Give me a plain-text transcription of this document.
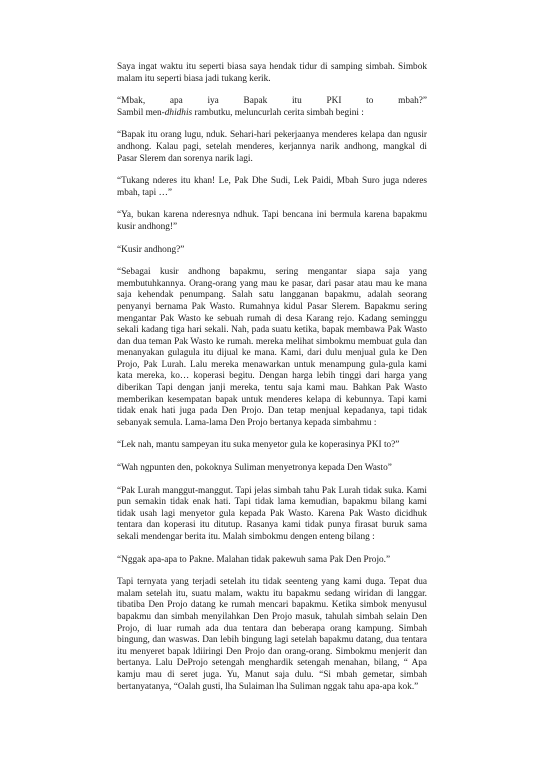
Saya ingat waktu itu seperti biasa saya hendak tidur di samping simbah. Simbok malam itu seperti biasa jadi tukang kerik.

“Mbak, apa iya Bapak itu PKI to mbah?”
Sambil men-dhidhis rambutku, meluncurlah cerita simbah begini :

“Bapak itu orang lugu, nduk. Sehari-hari pekerjaanya menderes kelapa dan ngusir andhong. Kalau pagi, setelah menderes, kerjannya narik andhong, mangkal di Pasar Slerem dan sorenya narik lagi.

“Tukang nderes itu khan! Le, Pak Dhe Sudi, Lek Paidi, Mbah Suro juga nderes mbah, tapi …”

“Ya, bukan karena nderesnya ndhuk. Tapi bencana ini bermula karena bapakmu kusir andhong!”

“Kusir andhong?”

“Sebagai kusir andhong bapakmu, sering mengantar siapa saja yang membutuhkannya. Orang-orang yang mau ke pasar, dari pasar atau mau ke mana saja kehendak penumpang. Salah satu langganan bapakmu, adalah seorang penyanyi bernama Pak Wasto. Rumahnya kidul Pasar Slerem. Bapakmu sering mengantar Pak Wasto ke sebuah rumah di desa Karang rejo. Kadang seminggu sekali kadang tiga hari sekali. Nah, pada suatu ketika, bapak membawa Pak Wasto dan dua teman Pak Wasto ke rumah. mereka melihat simbokmu membuat gula dan menanyakan gulagula itu dijual ke mana. Kami, dari dulu menjual gula ke Den Projo, Pak Lurah. Lalu mereka menawarkan untuk menampung gula-gula kami kata mereka, ko… koperasi begitu. Dengan harga lebih tinggi dari harga yang diberikan Tapi dengan janji mereka, tentu saja kami mau. Bahkan Pak Wasto memberikan kesempatan bapak untuk menderes kelapa di kebunnya. Tapi kami tidak enak hati juga pada Den Projo. Dan tetap menjual kepadanya, tapi tidak sebanyak semula. Lama-lama Den Projo bertanya kepada simbahmu :

“Lek nah, mantu sampeyan itu suka menyetor gula ke koperasinya PKI to?”

“Wah ngpunten den, pokoknya Suliman menyetronya kepada Den Wasto”

“Pak Lurah manggut-manggut. Tapi jelas simbah tahu Pak Lurah tidak suka. Kami pun semakin tidak enak hati. Tapi tidak lama kemudian, bapakmu bilang kami tidak usah lagi menyetor gula kepada Pak Wasto. Karena Pak Wasto dicidhuk tentara dan koperasi itu ditutup. Rasanya kami tidak punya firasat buruk sama sekali mendengar berita itu. Malah simbokmu dengen enteng bilang :

“Nggak apa-apa to Pakne. Malahan tidak pakewuh sama Pak Den Projo.”

Tapi ternyata yang terjadi setelah itu tidak seenteng yang kami duga. Tepat dua malam setelah itu, suatu malam, waktu itu bapakmu sedang wiridan di langgar. tibatiba Den Projo datang ke rumah mencari bapakmu. Ketika simbok menyusul bapakmu dan simbah menyilahkan Den Projo masuk, tahulah simbah selain Den Projo, di luar rumah ada dua tentara dan beberapa orang kampung. Simbah bingung, dan waswas. Dan lebih bingung lagi setelah bapakmu datang, dua tentara itu menyeret bapak ldiiringi Den Projo dan orang-orang. Simbokmu menjerit dan bertanya. Lalu DeProjo setengah menghardik setengah menahan, bilang, “ Apa kamju mau di seret juga. Yu, Manut saja dulu. “Si mbah gemetar, simbah bertanyatanya, “Oalah gusti, lha Sulaiman lha Suliman nggak tahu apa-apa kok.”
